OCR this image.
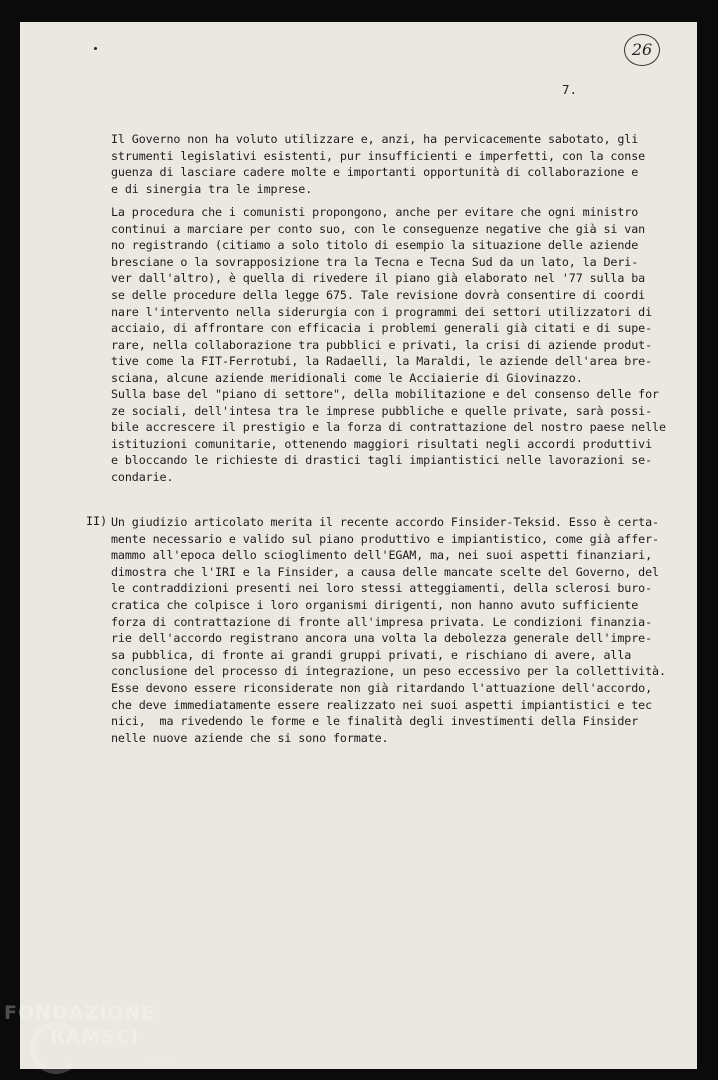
26
7.

Il Governo non ha voluto utilizzare e, anzi, ha pervicacemente sabotato, gli
strumenti legislativi esistenti, pur insufficienti e imperfetti, con la conse
guenza di lasciare cadere molte e importanti opportunità di collaborazione e
e di sinergia tra le imprese.

La procedura che i comunisti propongono, anche per evitare che ogni ministro
continui a marciare per conto suo, con le conseguenze negative che già si van
no registrando (citiamo a solo titolo di esempio la situazione delle aziende
bresciane o la sovrapposizione tra la Tecna e Tecna Sud da un lato, la Deri-
ver dall'altro), è quella di rivedere il piano già elaborato nel '77 sulla ba
se delle procedure della legge 675. Tale revisione dovrà consentire di coordi
nare l'intervento nella siderurgia con i programmi dei settori utilizzatori di
acciaio, di affrontare con efficacia i problemi generali già citati e di supe-
rare, nella collaborazione tra pubblici e privati, la crisi di aziende produt-
tive come la FIT-Ferrotubi, la Radaelli, la Maraldi, le aziende dell'area bre-
sciana, alcune aziende meridionali come le Acciaierie di Giovinazzo.

Sulla base del "piano di settore", della mobilitazione e del consenso delle for
ze sociali, dell'intesa tra le imprese pubbliche e quelle private, sarà possi-
bile accrescere il prestigio e la forza di contrattazione del nostro paese nelle
istituzioni comunitarie, ottenendo maggiori risultati negli accordi produttivi
e bloccando le richieste di drastici tagli impiantistici nelle lavorazioni se-
condarie.

II) Un giudizio articolato merita il recente accordo Finsider-Teksid. Esso è certa-
mente necessario e valido sul piano produttivo e impiantistico, come già affer-
mammo all'epoca dello scioglimento dell'EGAM, ma, nei suoi aspetti finanziari,
dimostra che l'IRI e la Finsider, a causa delle mancate scelte del Governo, del
le contraddizioni presenti nei loro stessi atteggiamenti, della sclerosi buro-
cratica che colpisce i loro organismi dirigenti, non hanno avuto sufficiente
forza di contrattazione di fronte all'impresa privata. Le condizioni finanzia-
rie dell'accordo registrano ancora una volta la debolezza generale dell'impre-
sa pubblica, di fronte ai grandi gruppi privati, e rischiano di avere, alla
conclusione del processo di integrazione, un peso eccessivo per la collettività.
Esse devono essere riconsiderate non già ritardando l'attuazione dell'accordo,
che deve immediatamente essere realizzato nei suoi aspetti impiantistici e tec
nici,  ma rivedendo le forme e le finalità degli investimenti della Finsider
nelle nuove aziende che si sono formate.

FONDAZIONE
RAMSCI
onlus
